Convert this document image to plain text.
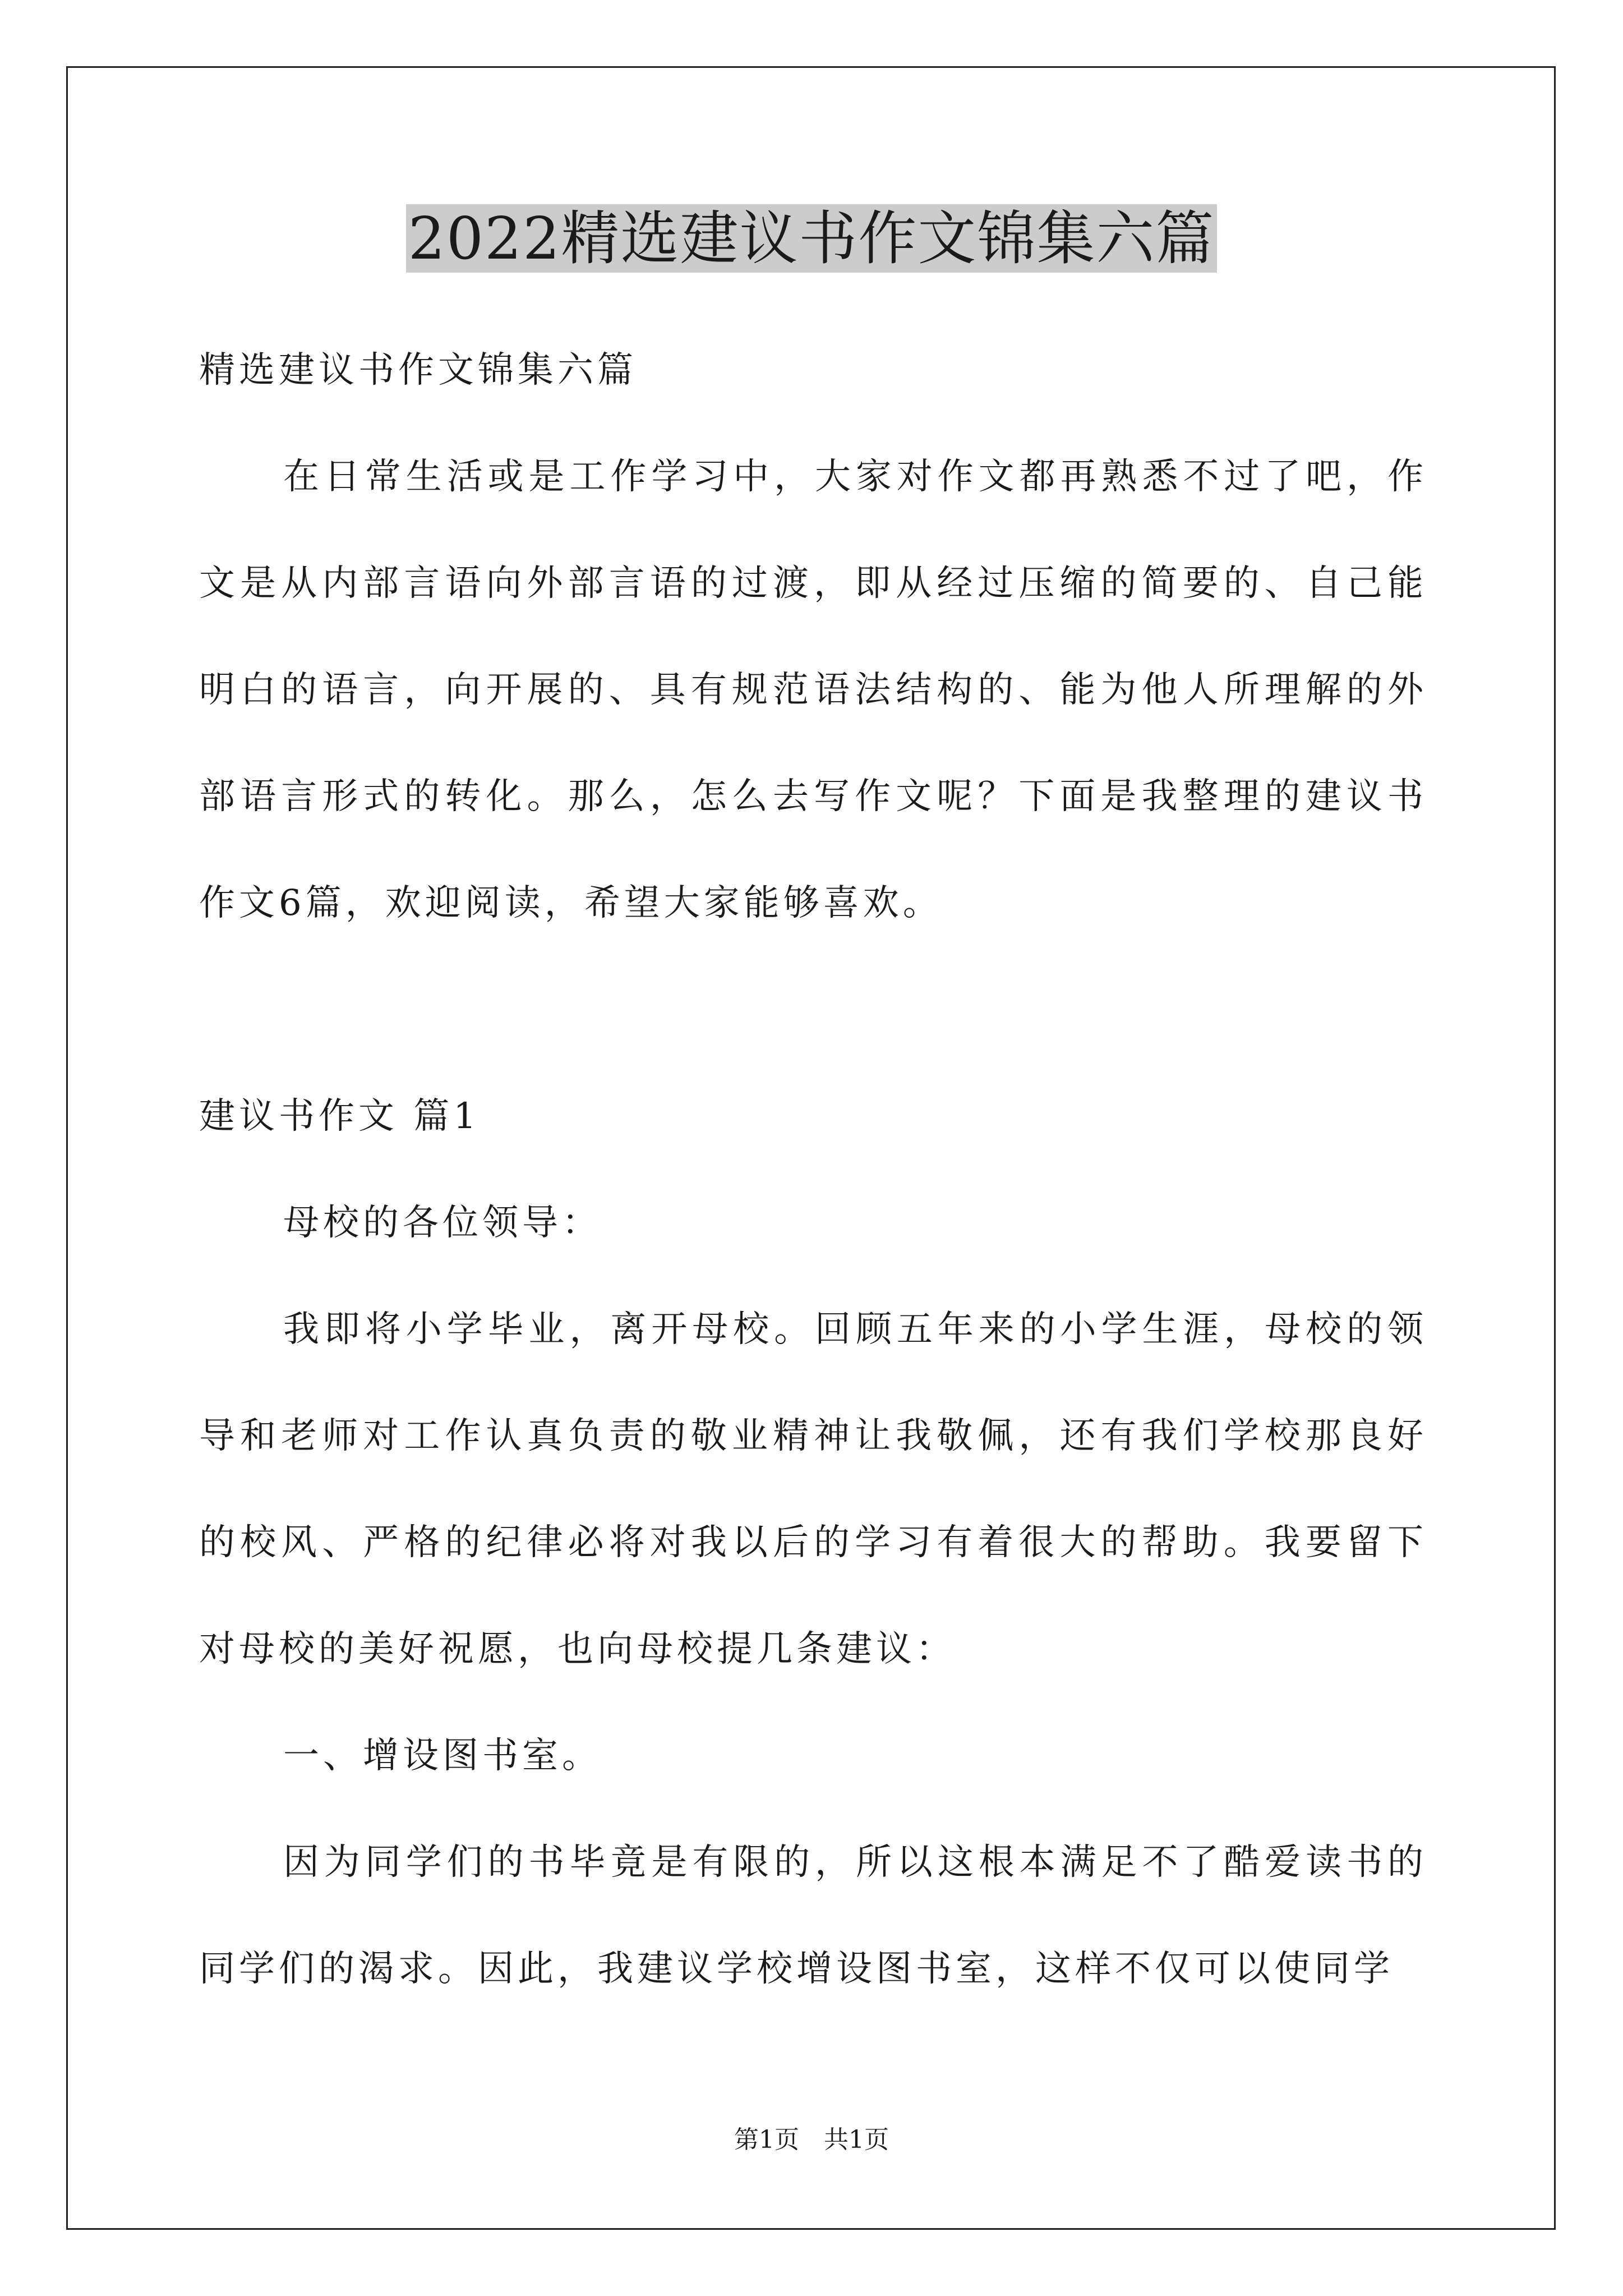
2022精选建议书作文锦集六篇
精选建议书作文锦集六篇

在日常生活或是工作学习中，大家对作文都再熟悉不过了吧，作文是从内部言语向外部言语的过渡，即从经过压缩的简要的、自己能明白的语言，向开展的、具有规范语法结构的、能为他人所理解的外部语言形式的转化。那么，怎么去写作文呢？下面是我整理的建议书作文6篇，欢迎阅读，希望大家能够喜欢。

建议书作文 篇1

母校的各位领导：

我即将小学毕业，离开母校。回顾五年来的小学生涯，母校的领导和老师对工作认真负责的敬业精神让我敬佩，还有我们学校那良好的校风、严格的纪律必将对我以后的学习有着很大的帮助。我要留下对母校的美好祝愿，也向母校提几条建议：

一、增设图书室。

因为同学们的书毕竟是有限的，所以这根本满足不了酷爱读书的同学们的渴求。因此，我建议学校增设图书室，这样不仅可以使同学

第1页　共1页
